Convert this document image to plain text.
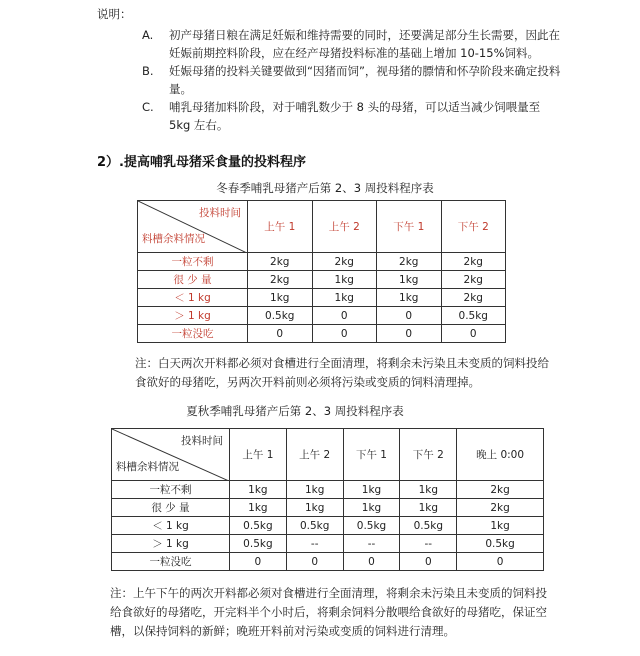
说明：
A.	初产母猪日粮在满足妊娠和维持需要的同时，还要满足部分生长需要，因此在妊娠前期控料阶段，应在经产母猪投料标准的基础上增加 10-15%饲料。
B.	妊娠母猪的投料关键要做到“因猪而饲”，视母猪的膘情和怀孕阶段来确定投料量。
C.	哺乳母猪加料阶段，对于哺乳数少于 8 头的母猪，可以适当减少饲喂量至 5kg 左右。
2）.提高哺乳母猪采食量的投料程序
冬春季哺乳母猪产后第 2、3 周投料程序表
投料时间
料槽余料情况	上午 1	上午 2	下午 1	下午 2
一粒不剩	2kg	2kg	2kg	2kg
很 少 量	2kg	1kg	1kg	2kg
＜ 1 kg	1kg	1kg	1kg	2kg
＞ 1 kg	0.5kg	0	0	0.5kg
一粒没吃	0	0	0	0
注：白天两次开料都必须对食槽进行全面清理，将剩余未污染且未变质的饲料投给食欲好的母猪吃，另两次开料前则必须将污染或变质的饲料清理掉。
夏秋季哺乳母猪产后第 2、3 周投料程序表
投料时间
料槽余料情况	上午 1	上午 2	下午 1	下午 2	晚上 0:00
一粒不剩	1kg	1kg	1kg	1kg	2kg
很 少 量	1kg	1kg	1kg	1kg	2kg
＜ 1 kg	0.5kg	0.5kg	0.5kg	0.5kg	1kg
＞ 1 kg	0.5kg	--	--	--	0.5kg
一粒没吃	0	0	0	0	0
注：上午下午的两次开料都必须对食槽进行全面清理，将剩余未污染且未变质的饲料投给食欲好的母猪吃，开完料半个小时后，将剩余饲料分散喂给食欲好的母猪吃，保证空槽，以保持饲料的新鲜；晚班开料前对污染或变质的饲料进行清理。
